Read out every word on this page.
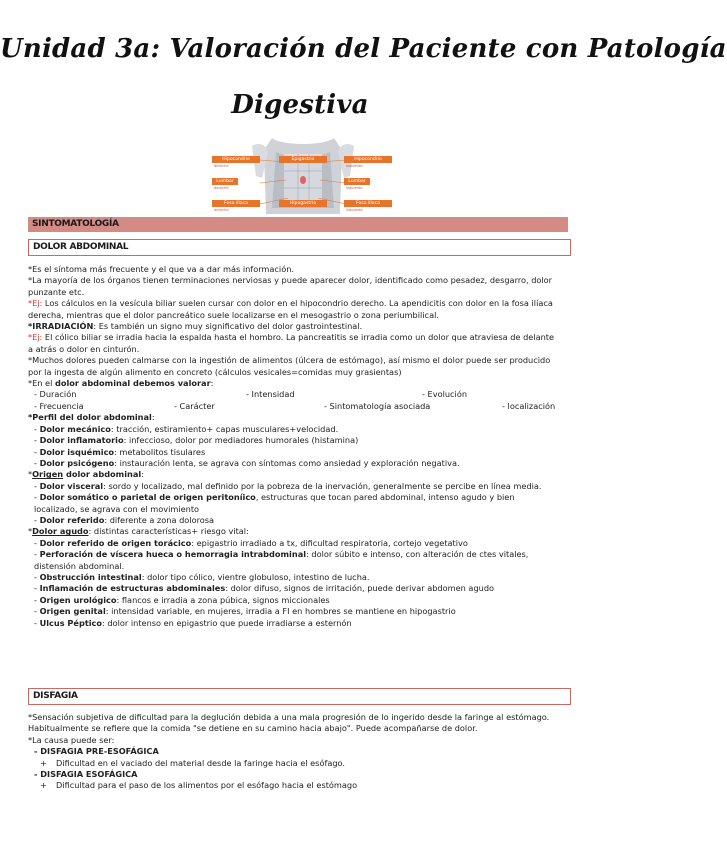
Unidad 3a: Valoración del Paciente con Patología
Digestiva
Hipocondrio
derecho
Epigastrio	Hipocondrio
izquierdo
Lumbar
derecho
Lumbar
izquierdo
Fosa ilíaca
derecha
Hipogastrio	Fosa ilíaca
izquierda
SINTOMATOLOGÍA
DOLOR ABDOMINAL

*Es el síntoma más frecuente y el que va a dar más información.

*La mayoría de los órganos tienen terminaciones nerviosas y puede aparecer dolor, identificado como pesadez, desgarro, dolor punzante etc.

*Ej: Los cálculos en la vesícula biliar suelen cursar con dolor en el hipocondrio derecho. La apendicitis con dolor en la fosa ilíaca derecha, mientras que el dolor pancreático suele localizarse en el mesogastrio o zona periumbilical.

*IRRADIACIÓN: Es también un signo muy significativo del dolor gastrointestinal.

*Ej: El cólico biliar se irradia hacia la espalda hasta el hombro. La pancreatitis se irradia como un dolor que atraviesa de delante a atrás o dolor en cinturón.

*Muchos dolores pueden calmarse con la ingestión de alimentos (úlcera de estómago), así mismo el dolor puede ser producido por la ingesta de algún alimento en concreto (cálculos vesicales=comidas muy grasientas)

*En el dolor abdominal debemos valorar:

- Duración	- Intensidad	- Evolución
- Frecuencia	- Carácter	- Sintomatología asociada	- localización

*Perfil del dolor abdominal:

- Dolor mecánico: tracción, estiramiento+ capas musculares+velocidad.

- Dolor inflamatorio: infeccioso, dolor por mediadores humorales (histamina)

- Dolor isquémico: metabolitos tisulares

- Dolor psicógeno: instauración lenta, se agrava con síntomas como ansiedad y exploración negativa.

*Origen dolor abdominal:

- Dolor visceral: sordo y localizado, mal definido por la pobreza de la inervación, generalmente se percibe en línea media.

- Dolor somático o parietal de origen peritoníico, estructuras que tocan pared abdominal, intenso agudo y bien localizado, se agrava con el movimiento

- Dolor referido: diferente a zona dolorosa

*Dolor agudo: distintas características+ riesgo vital:

- Dolor referido de origen torácico: epigastrio irradiado a tx, dificultad respiratoria, cortejo vegetativo

- Perforación de víscera hueca o hemorragia intrabdominal: dolor súbito e intenso, con alteración de ctes vitales, distensión abdominal.

- Obstrucción intestinal: dolor tipo cólico, vientre globuloso, intestino de lucha.

- Inflamación de estructuras abdominales: dolor difuso, signos de irritación, puede derivar abdomen agudo

- Origen urológico: flancos e irradia a zona púbica, signos miccionales

- Origen genital: intensidad variable, en mujeres, irradia a FI en hombres se mantiene en hipogastrio

- Ulcus Péptico: dolor intenso en epigastrio que puede irradiarse a esternón

DISFAGIA

*Sensación subjetiva de dificultad para la deglución debida a una mala progresión de lo ingerido desde la faringe al estómago. Habitualmente se refiere que la comida "se detiene en su camino hacia abajo". Puede acompañarse de dolor.

*La causa puede ser:

- DISFAGIA PRE-ESOFÁGICA

+ Dificultad en el vaciado del material desde la faringe hacia el esófago.

- DISFAGIA ESOFÁGICA

+ Dificultad para el paso de los alimentos por el esófago hacia el estómago
